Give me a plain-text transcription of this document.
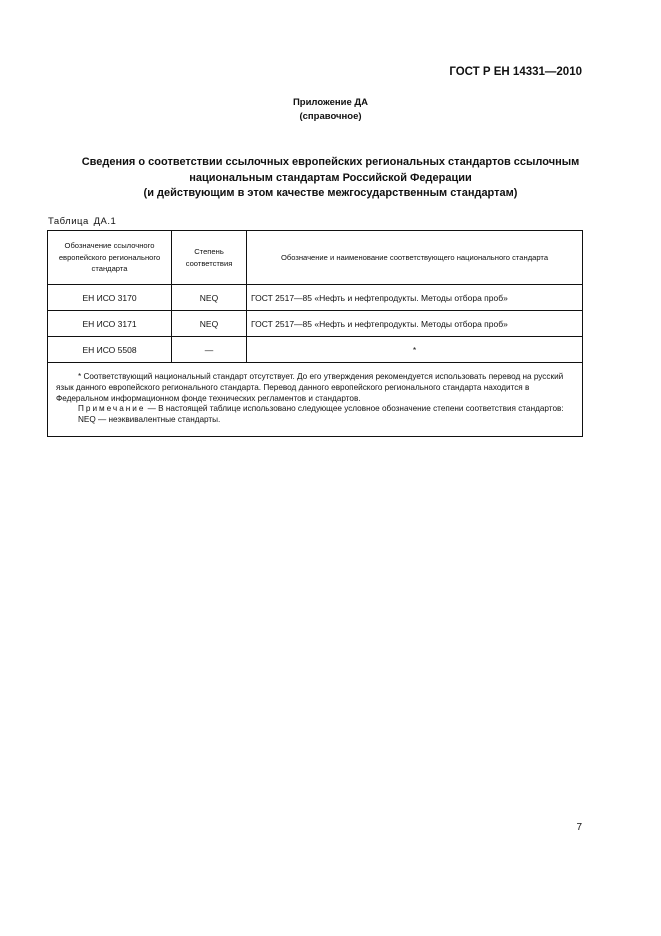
ГОСТ Р ЕН 14331—2010
Приложение ДА
(справочное)
Сведения о соответствии ссылочных европейских региональных стандартов ссылочным
национальным стандартам Российской Федерации
(и действующим в этом качестве межгосударственным стандартам)
Таблица ДА.1
Обозначение ссылочного европейского регионального стандарта	Степень соответствия	Обозначение и наименование соответствующего национального стандарта
ЕН ИСО 3170	NEQ	ГОСТ 2517—85 «Нефть и нефтепродукты. Методы отбора проб»
ЕН ИСО 3171	NEQ	ГОСТ 2517—85 «Нефть и нефтепродукты. Методы отбора проб»
ЕН ИСО 5508	—	*

* Соответствующий национальный стандарт отсутствует. До его утверждения рекомендуется использовать перевод на русский язык данного европейского регионального стандарта. Перевод данного европейского регионального стандарта находится в Федеральном информационном фонде технических регламентов и стандартов.

Примечание — В настоящей таблице использовано следующее условное обозначение степени соответствия стандартов:

NEQ — неэквивалентные стандарты.		

7
